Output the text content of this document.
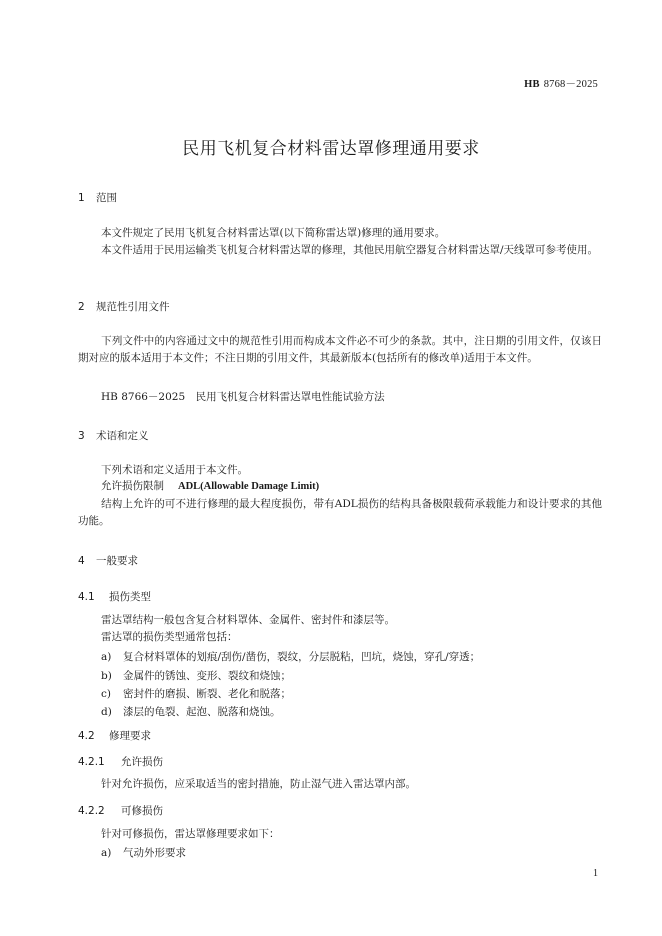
HB 8768－2025
民用飞机复合材料雷达罩修理通用要求
1 范围
本文件规定了民用飞机复合材料雷达罩(以下简称雷达罩)修理的通用要求。
本文件适用于民用运输类飞机复合材料雷达罩的修理，其他民用航空器复合材料雷达罩/天线罩可参考使用。
2 规范性引用文件
下列文件中的内容通过文中的规范性引用而构成本文件必不可少的条款。其中，注日期的引用文件，仅该日期对应的版本适用于本文件；不注日期的引用文件，其最新版本(包括所有的修改单)适用于本文件。
HB 8766－2025　民用飞机复合材料雷达罩电性能试验方法
3 术语和定义
下列术语和定义适用于本文件。
允许损伤限制 ADL(Allowable Damage Limit)
结构上允许的可不进行修理的最大程度损伤，带有ADL损伤的结构具备极限载荷承载能力和设计要求的其他功能。
4 一般要求
4.1 损伤类型
雷达罩结构一般包含复合材料罩体、金属件、密封件和漆层等。
雷达罩的损伤类型通常包括：
a) 复合材料罩体的划痕/刮伤/凿伤，裂纹，分层脱粘，凹坑，烧蚀，穿孔/穿透；
b) 金属件的锈蚀、变形、裂纹和烧蚀；
c) 密封件的磨损、断裂、老化和脱落；
d) 漆层的龟裂、起泡、脱落和烧蚀。
4.2 修理要求
4.2.1 允许损伤
针对允许损伤，应采取适当的密封措施，防止湿气进入雷达罩内部。
4.2.2 可修损伤
针对可修损伤，雷达罩修理要求如下：
a) 气动外形要求
1
